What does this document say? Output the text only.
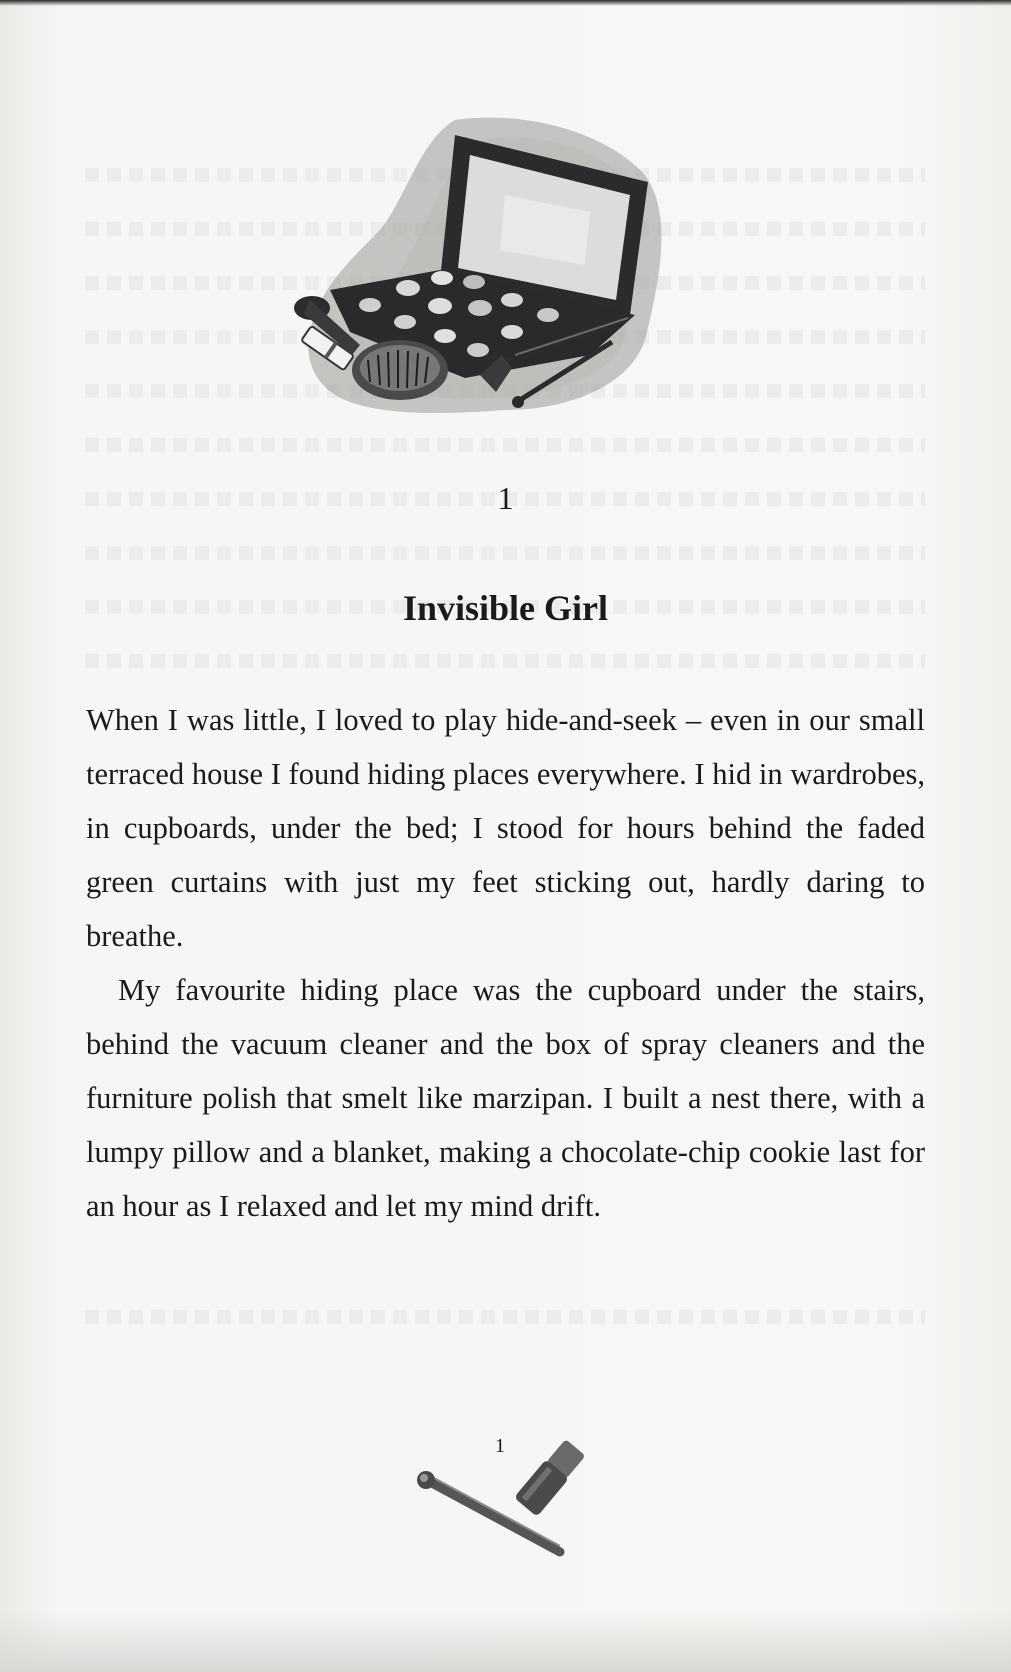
1
Invisible Girl

When I was little, I loved to play hide-and-seek – even in our small terraced house I found hiding places everywhere. I hid in wardrobes, in cupboards, under the bed; I stood for hours behind the faded green curtains with just my feet sticking out, hardly daring to breathe.

My favourite hiding place was the cupboard under the stairs, behind the vacuum cleaner and the box of spray cleaners and the furniture polish that smelt like marzipan. I built a nest there, with a lumpy pillow and a blanket, making a chocolate-chip cookie last for an hour as I relaxed and let my mind drift.

1
